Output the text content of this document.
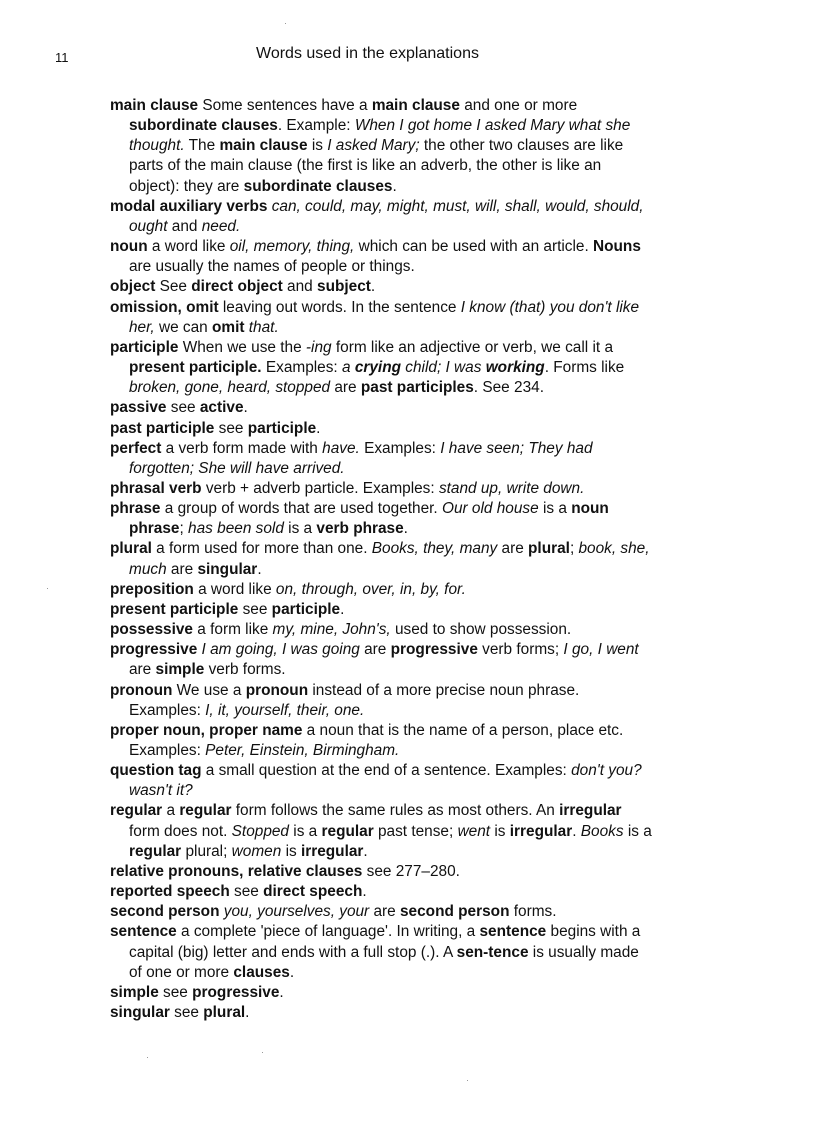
11	Words used in the explanations

main clause Some sentences have a main clause and one or more subordinate clauses. Example: When I got home I asked Mary what she thought. The main clause is I asked Mary; the other two clauses are like parts of the main clause (the first is like an adverb, the other is like an object): they are subordinate clauses.

modal auxiliary verbs can, could, may, might, must, will, shall, would, should, ought and need.

noun a word like oil, memory, thing, which can be used with an article. Nouns are usually the names of people or things.

object See direct object and subject.

omission, omit leaving out words. In the sentence I know (that) you don't like her, we can omit that.

participle When we use the -ing form like an adjective or verb, we call it a present participle. Examples: a crying child; I was working. Forms like broken, gone, heard, stopped are past participles. See 234.

passive see active.

past participle see participle.

perfect a verb form made with have. Examples: I have seen; They had forgotten; She will have arrived.

phrasal verb verb + adverb particle. Examples: stand up, write down.

phrase a group of words that are used together. Our old house is a noun phrase; has been sold is a verb phrase.

plural a form used for more than one. Books, they, many are plural; book, she, much are singular.

preposition a word like on, through, over, in, by, for.

present participle see participle.

possessive a form like my, mine, John's, used to show possession.

progressive I am going, I was going are progressive verb forms; I go, I went are simple verb forms.

pronoun We use a pronoun instead of a more precise noun phrase. Examples: I, it, yourself, their, one.

proper noun, proper name a noun that is the name of a person, place etc. Examples: Peter, Einstein, Birmingham.

question tag a small question at the end of a sentence. Examples: don't you? wasn't it?

regular a regular form follows the same rules as most others. An irregular form does not. Stopped is a regular past tense; went is irregular. Books is a regular plural; women is irregular.

relative pronouns, relative clauses see 277–280.

reported speech see direct speech.

second person you, yourselves, your are second person forms.

sentence a complete 'piece of language'. In writing, a sentence begins with a capital (big) letter and ends with a full stop (.). A sen-tence is usually made of one or more clauses.

simple see progressive.

singular see plural.
